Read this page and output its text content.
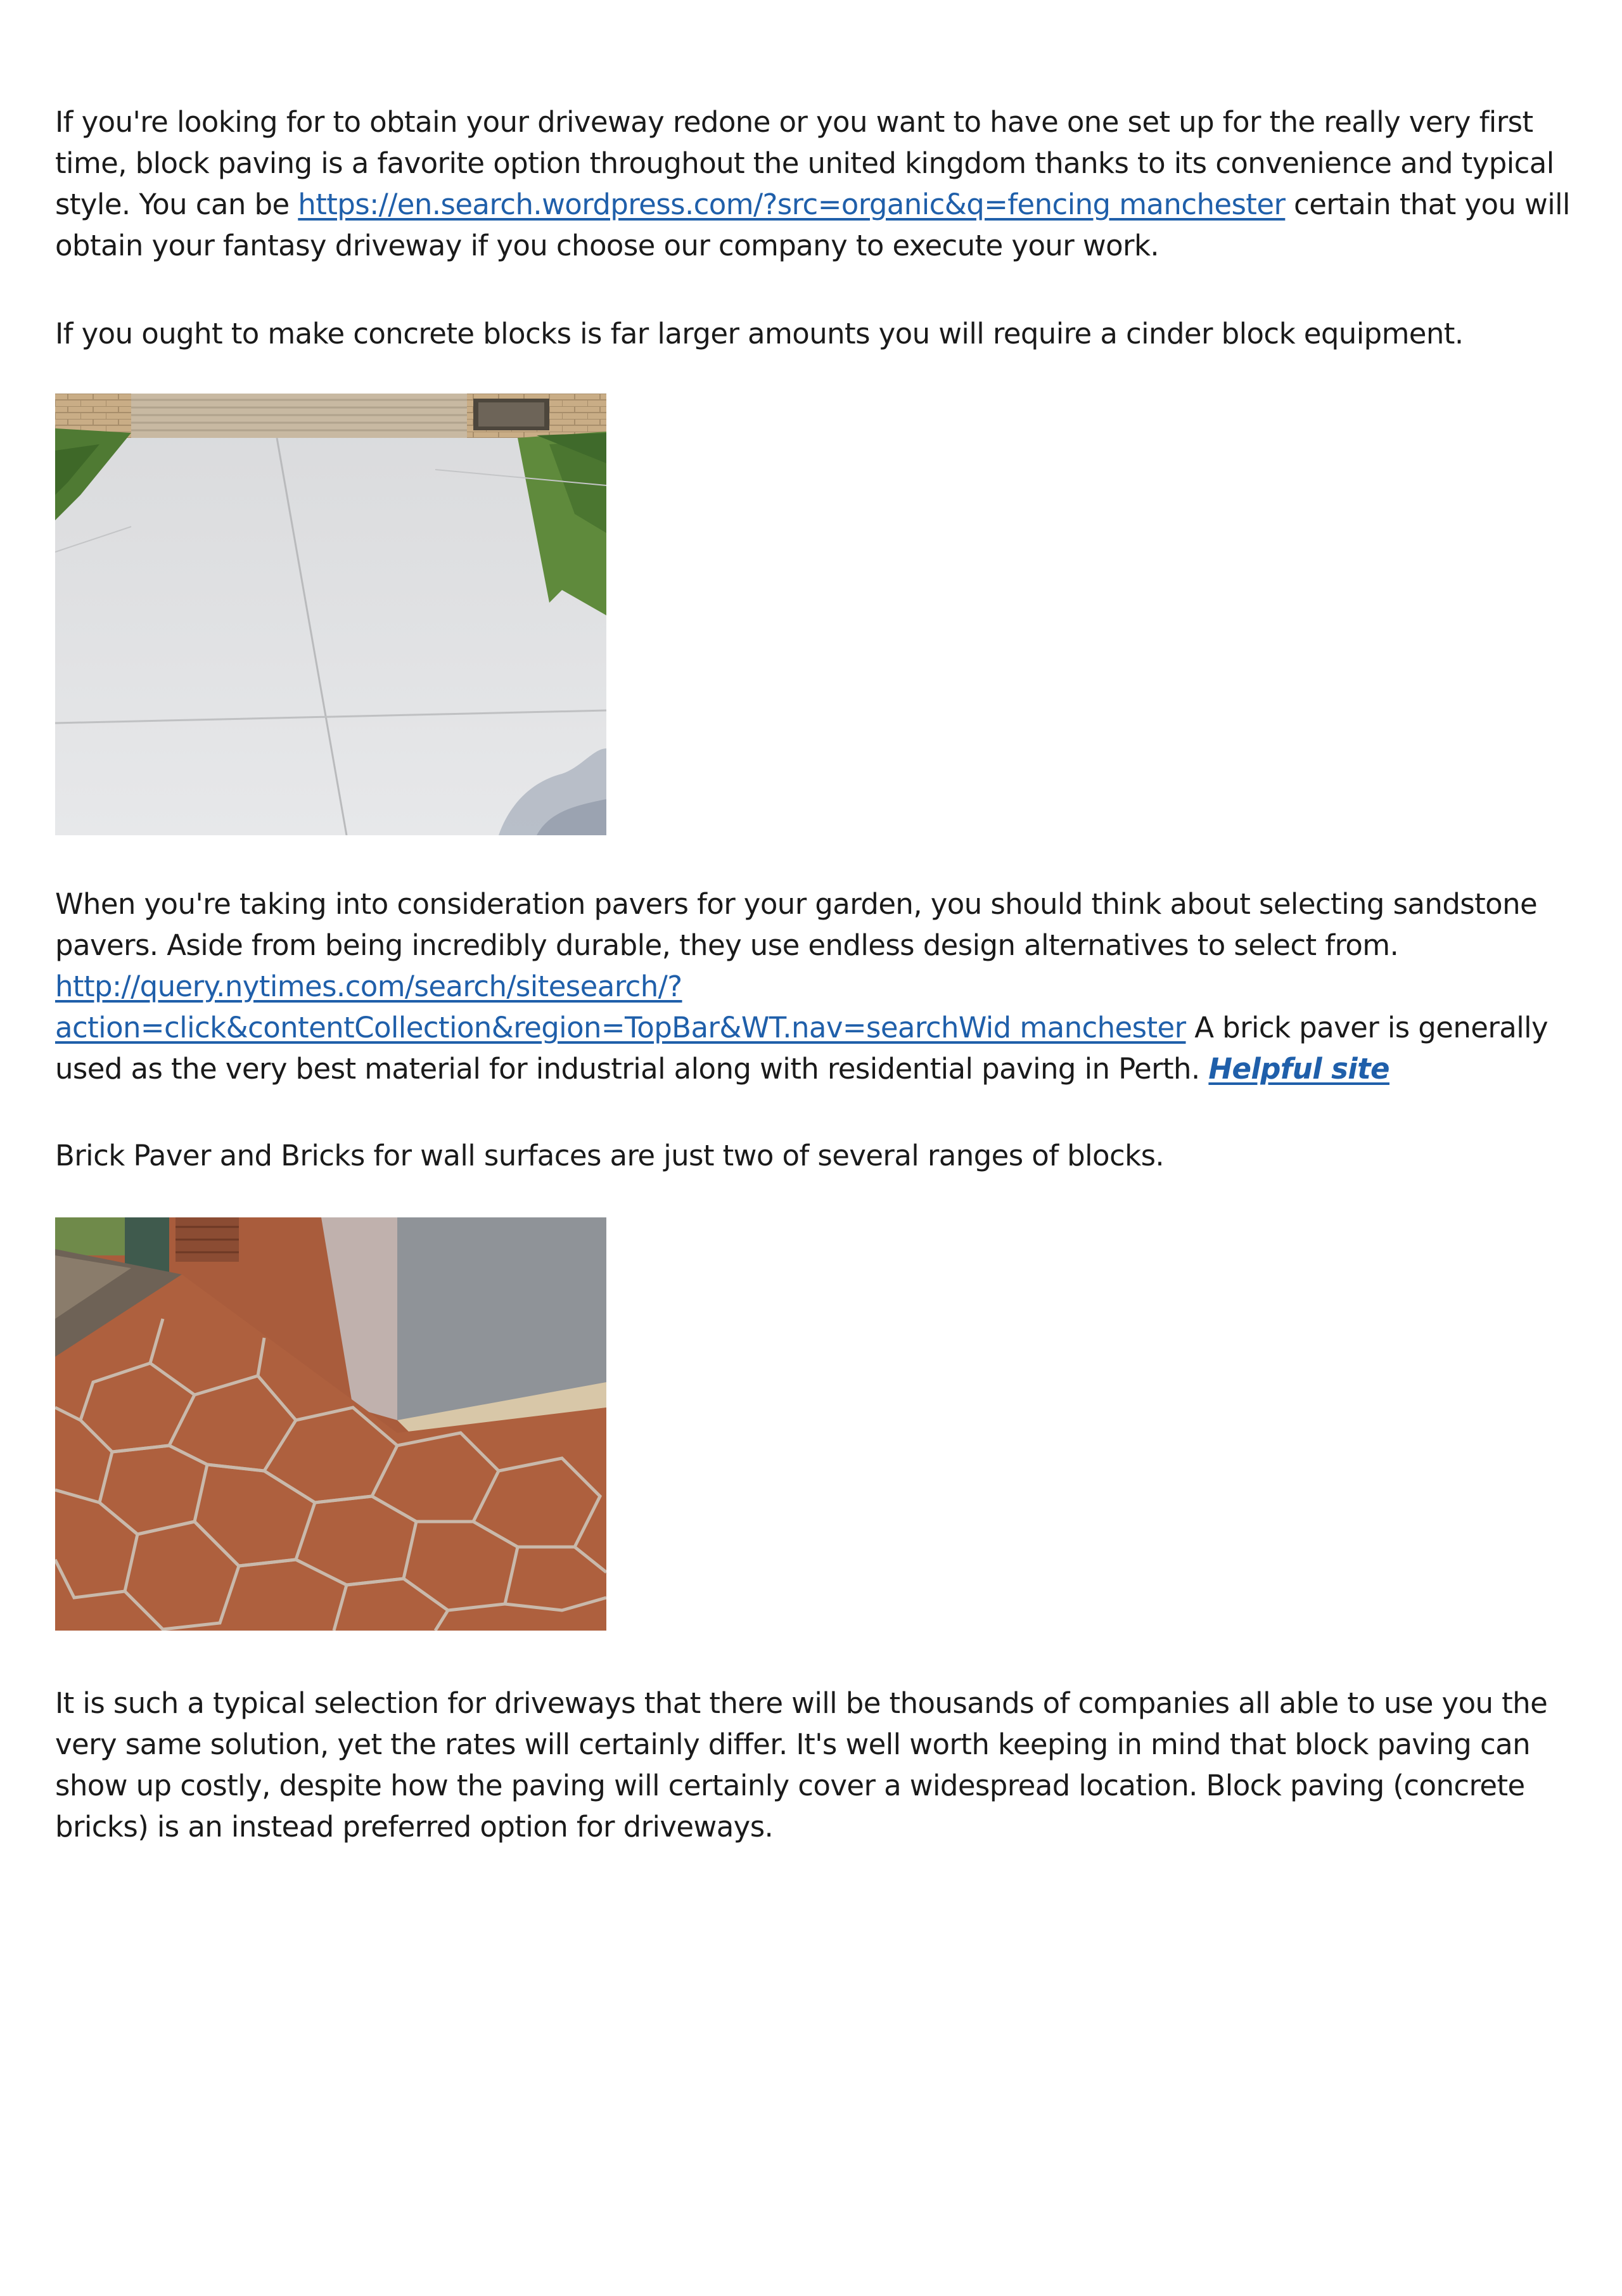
If you're looking for to obtain your driveway redone or you want to have one set up for the really very first time, block paving is a favorite option throughout the united kingdom thanks to its convenience and typical style. You can be https://en.search.wordpress.com/?src=organic&q=fencing manchester certain that you will obtain your fantasy driveway if you choose our company to execute your work.

If you ought to make concrete blocks is far larger amounts you will require a cinder block equipment.

When you're taking into consideration pavers for your garden, you should think about selecting sandstone pavers. Aside from being incredibly durable, they use endless design alternatives to select from. http://query.nytimes.com/search/sitesearch/?action=click&contentCollection&region=TopBar&WT.nav=searchWid manchester A brick paver is generally used as the very best material for industrial along with residential paving in Perth. Helpful site

Brick Paver and Bricks for wall surfaces are just two of several ranges of blocks.

It is such a typical selection for driveways that there will be thousands of companies all able to use you the very same solution, yet the rates will certainly differ. It's well worth keeping in mind that block paving can show up costly, despite how the paving will certainly cover a widespread location. Block paving (concrete bricks) is an instead preferred option for driveways.
